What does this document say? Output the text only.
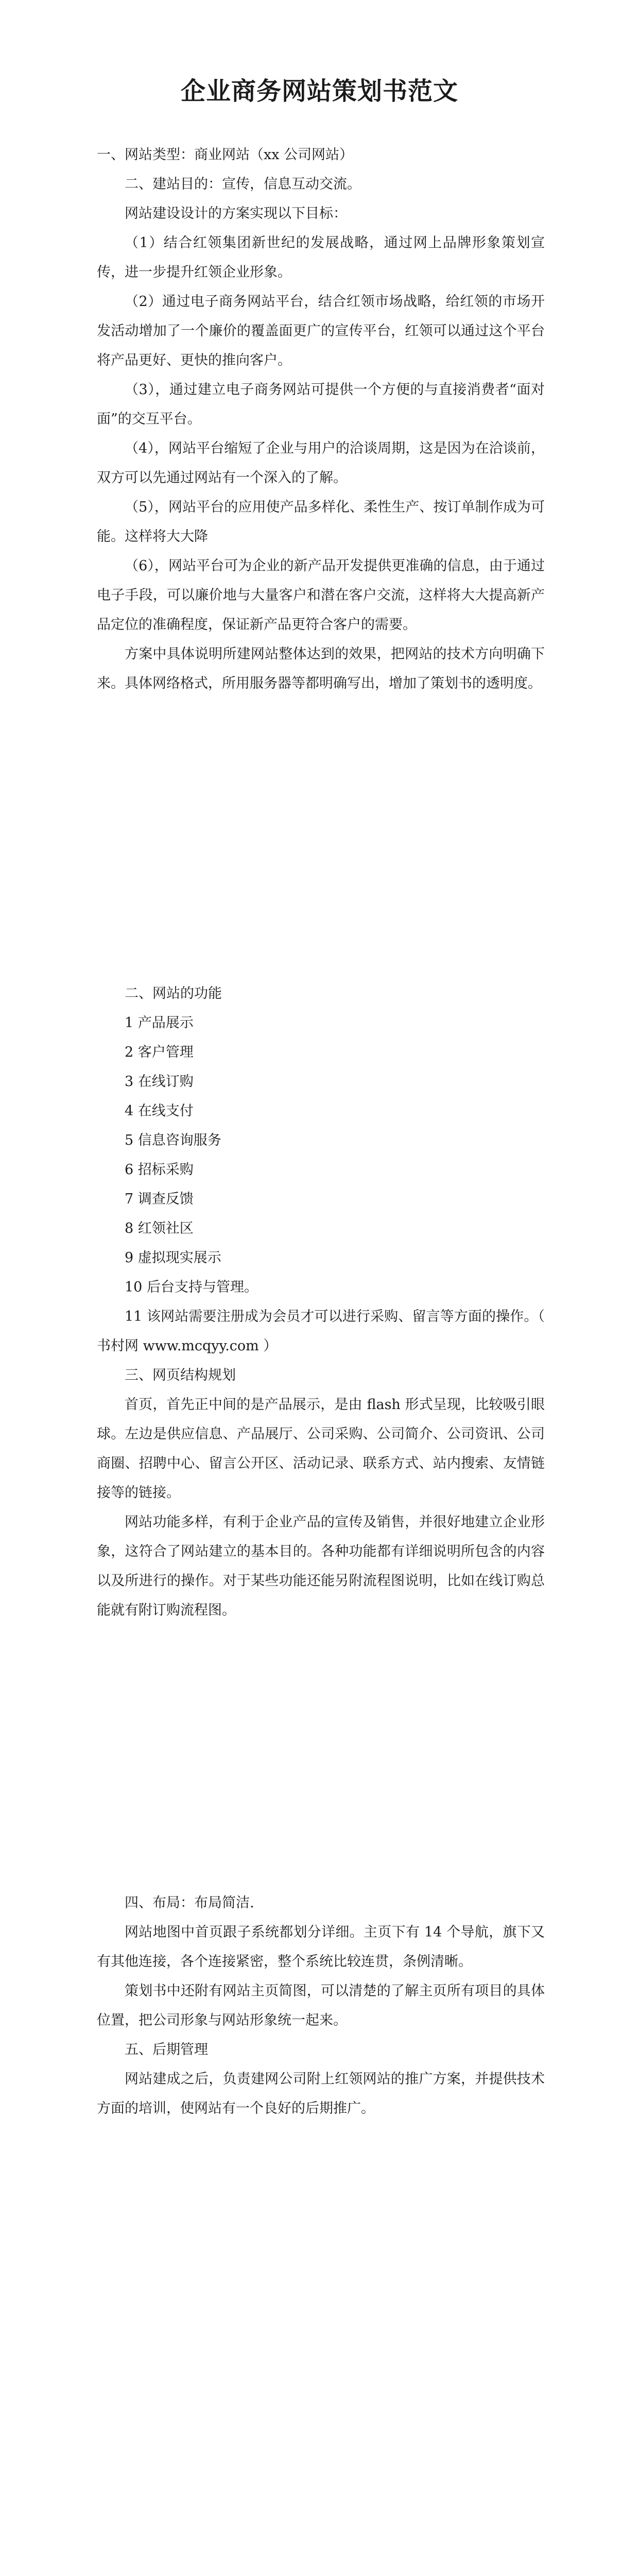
企业商务网站策划书范文

一、网站类型：商业网站（xx 公司网站）

二、建站目的：宣传，信息互动交流。

网站建设设计的方案实现以下目标：

（1）结合红领集团新世纪的发展战略，通过网上品牌形象策划宣传，进一步提升红领企业形象。

（2）通过电子商务网站平台，结合红领市场战略，给红领的市场开发活动增加了一个廉价的覆盖面更广的宣传平台，红领可以通过这个平台将产品更好、更快的推向客户。

（3），通过建立电子商务网站可提供一个方便的与直接消费者“面对面”的交互平台。

（4），网站平台缩短了企业与用户的洽谈周期，这是因为在洽谈前，双方可以先通过网站有一个深入的了解。

（5），网站平台的应用使产品多样化、柔性生产、按订单制作成为可能。这样将大大降

（6），网站平台可为企业的新产品开发提供更准确的信息，由于通过电子手段，可以廉价地与大量客户和潜在客户交流，这样将大大提高新产品定位的准确程度，保证新产品更符合客户的需要。

方案中具体说明所建网站整体达到的效果，把网站的技术方向明确下来。具体网络格式，所用服务器等都明确写出，增加了策划书的透明度。

二、网站的功能

1 产品展示

2 客户管理

3 在线订购

4 在线支付

5 信息咨询服务

6 招标采购

7 调查反馈

8 红领社区

9 虚拟现实展示

10 后台支持与管理。

11 该网站需要注册成为会员才可以进行采购、留言等方面的操作。（ 书村网 www.mcqyy.com ）

三、网页结构规划

首页，首先正中间的是产品展示，是由 flash 形式呈现，比较吸引眼球。左边是供应信息、产品展厅、公司采购、公司简介、公司资讯、公司商圈、招聘中心、留言公开区、活动记录、联系方式、站内搜索、友情链接等的链接。

网站功能多样，有利于企业产品的宣传及销售，并很好地建立企业形象，这符合了网站建立的基本目的。各种功能都有详细说明所包含的内容以及所进行的操作。对于某些功能还能另附流程图说明，比如在线订购总能就有附订购流程图。

四、布局：布局简洁.

网站地图中首页跟子系统都划分详细。主页下有 14 个导航，旗下又有其他连接，各个连接紧密，整个系统比较连贯，条例清晰。

策划书中还附有网站主页简图，可以清楚的了解主页所有项目的具体位置，把公司形象与网站形象统一起来。

五、后期管理

网站建成之后，负责建网公司附上红领网站的推广方案，并提供技术方面的培训，使网站有一个良好的后期推广。
